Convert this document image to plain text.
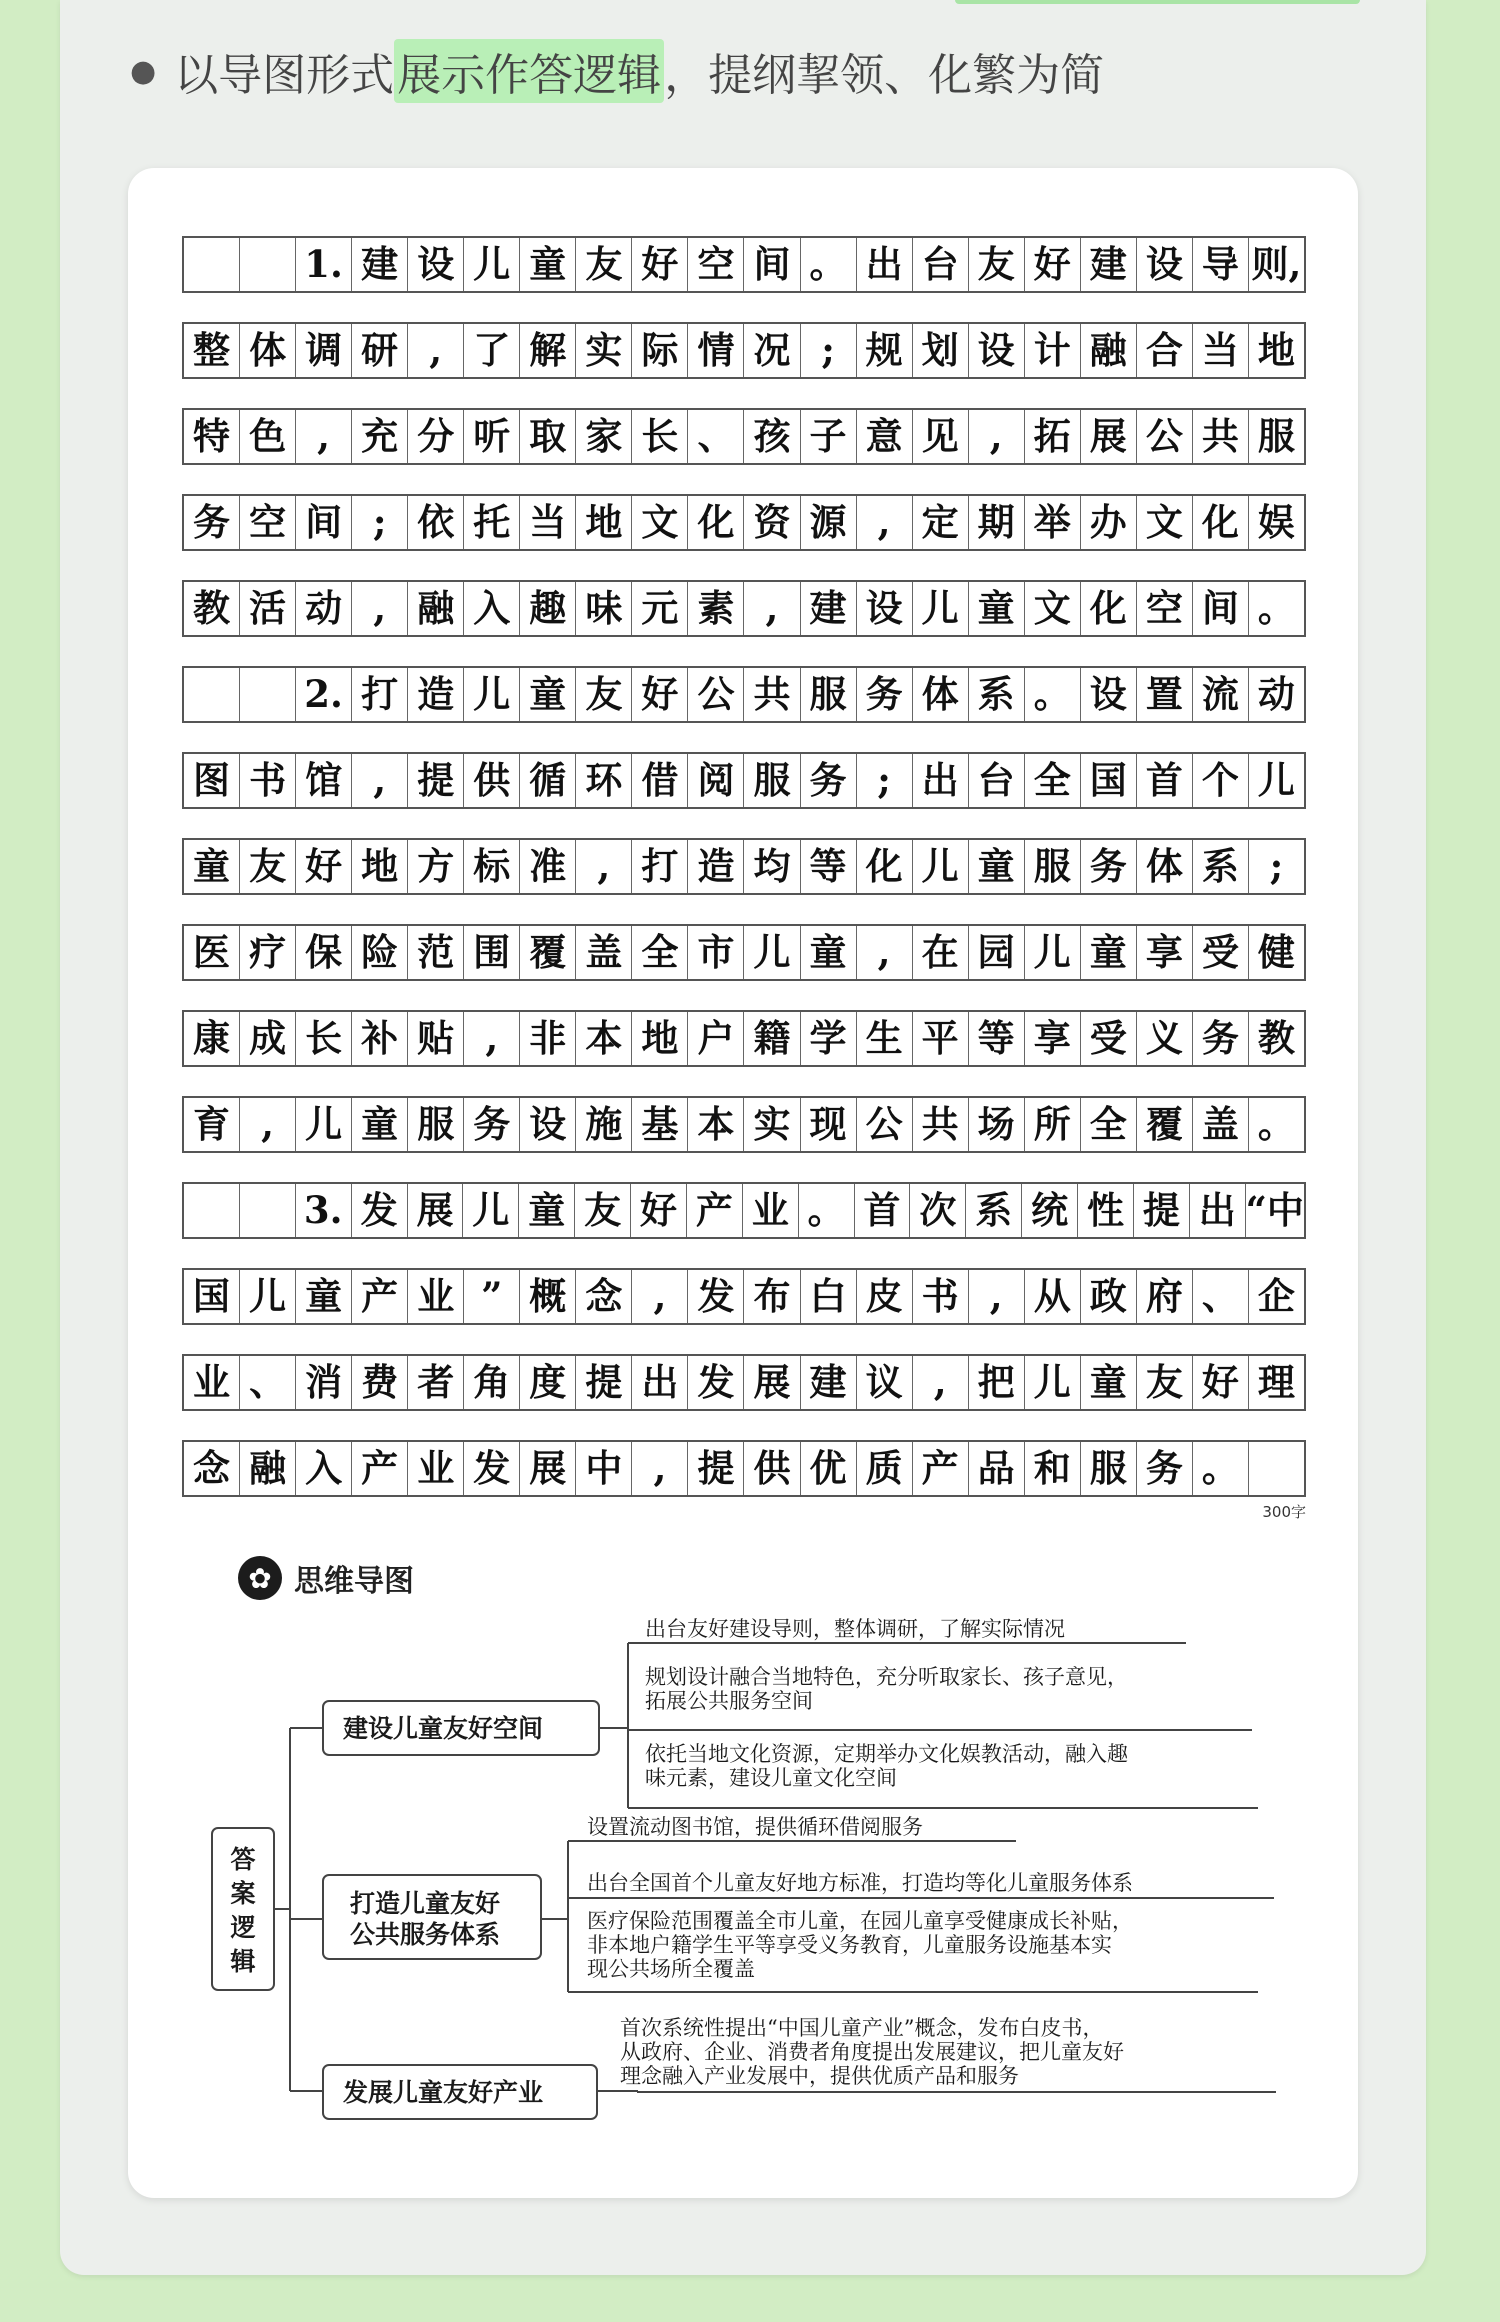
● 以导图形式 展示作答逻辑 ，提纲挈领、化繁为简
1. 建 设 儿 童 友 好 空 间 。 出 台 友 好 建 设 导 则,
整 体 调 研 , 了 解 实 际 情 况 ; 规 划 设 计 融 合 当 地
特 色 , 充 分 听 取 家 长 、 孩 子 意 见 , 拓 展 公 共 服
务 空 间 ; 依 托 当 地 文 化 资 源 , 定 期 举 办 文 化 娱
教 活 动 , 融 入 趣 味 元 素 , 建 设 儿 童 文 化 空 间 。
2. 打 造 儿 童 友 好 公 共 服 务 体 系 。 设 置 流 动
图 书 馆 , 提 供 循 环 借 阅 服 务 ; 出 台 全 国 首 个 儿
童 友 好 地 方 标 准 , 打 造 均 等 化 儿 童 服 务 体 系 ;
医 疗 保 险 范 围 覆 盖 全 市 儿 童 , 在 园 儿 童 享 受 健
康 成 长 补 贴 , 非 本 地 户 籍 学 生 平 等 享 受 义 务 教
育 , 儿 童 服 务 设 施 基 本 实 现 公 共 场 所 全 覆 盖 。
3. 发 展 儿 童 友 好 产 业 。 首 次 系 统 性 提 出 “中
国 儿 童 产 业 ” 概 念 , 发 布 白 皮 书 , 从 政 府 、 企
业 、 消 费 者 角 度 提 出 发 展 建 议 , 把 儿 童 友 好 理
念 融 入 产 业 发 展 中 , 提 供 优 质 产 品 和 服 务 。
300字
✿ 思维导图
答
案
逻
辑
建设儿童友好空间
出台友好建设导则，整体调研，了解实际情况
规划设计融合当地特色，充分听取家长、孩子意见，
拓展公共服务空间
依托当地文化资源，定期举办文化娱教活动，融入趣
味元素，建设儿童文化空间
打造儿童友好
公共服务体系
设置流动图书馆，提供循环借阅服务
出台全国首个儿童友好地方标准，打造均等化儿童服务体系
医疗保险范围覆盖全市儿童，在园儿童享受健康成长补贴，
非本地户籍学生平等享受义务教育，儿童服务设施基本实
现公共场所全覆盖
发展儿童友好产业
首次系统性提出“中国儿童产业”概念，发布白皮书，
从政府、企业、消费者角度提出发展建议，把儿童友好
理念融入产业发展中，提供优质产品和服务
